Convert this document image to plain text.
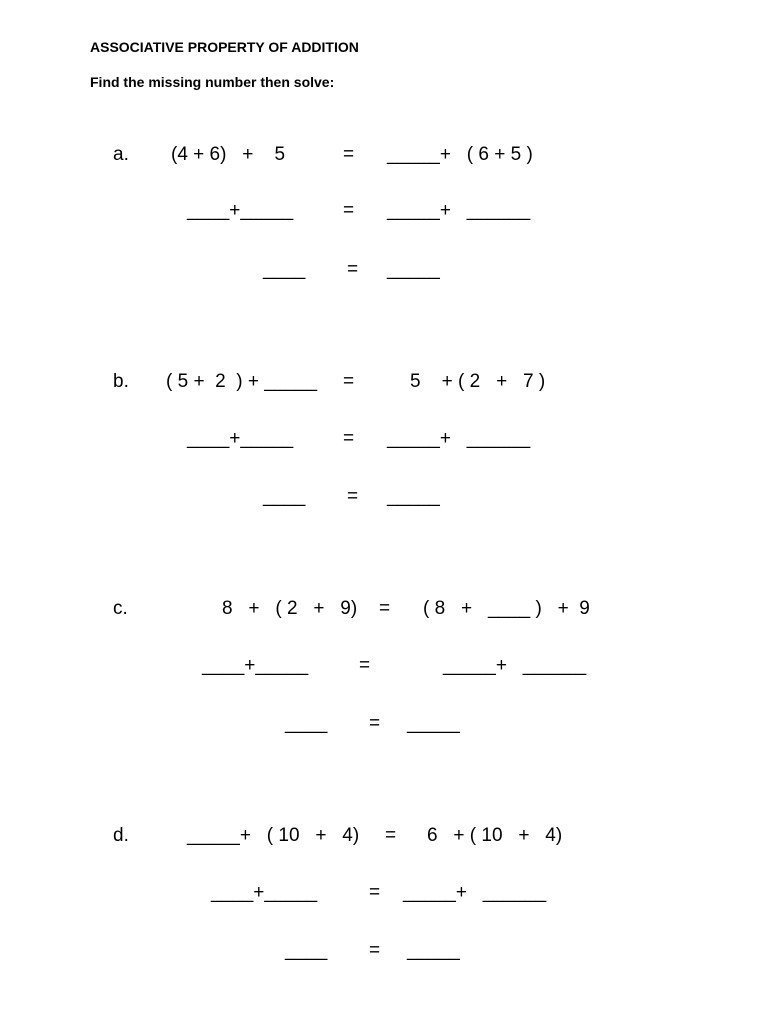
ASSOCIATIVE PROPERTY OF ADDITION
Find the missing number then solve:
a. (4 + 6)   +    5	= _____+   ( 6 + 5 )
____+_____	= _____+   ______
____ = _____
b. ( 5 +  2  ) + _____ =	5    + ( 2   +   7 )
____+_____	= _____+   ______
____ = _____
c.	8   +   ( 2   +   9) = ( 8   +   ____ )   +  9
____+_____	=	_____+   ______
____ = _____
d.	_____+   ( 10   +   4) = 6   + ( 10   +   4)
____+_____	= _____+   ______
____ = _____
